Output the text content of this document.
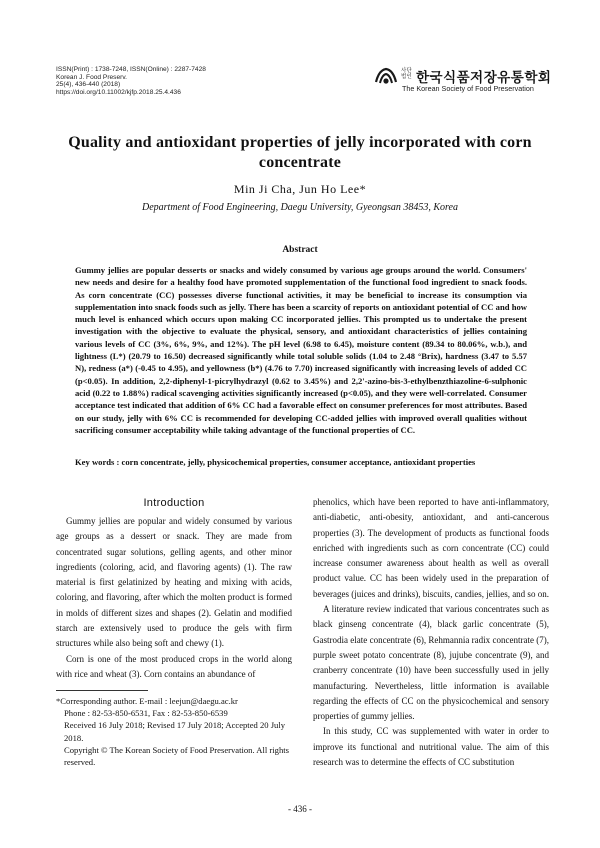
ISSN(Print) : 1738-7248, ISSN(Online) : 2287-7428
Korean J. Food Preserv.
25(4), 436-440 (2018)
https://doi.org/10.11002/kjfp.2018.25.4.436
사단법인 한국식품저장유통학회
The Korean Society of Food Preservation
Quality and antioxidant properties of jelly incorporated with corn concentrate
Min Ji Cha, Jun Ho Lee*
Department of Food Engineering, Daegu University, Gyeongsan 38453, Korea
Abstract
Gummy jellies are popular desserts or snacks and widely consumed by various age groups around the world. Consumers' new needs and desire for a healthy food have promoted supplementation of the functional food ingredient to snack foods. As corn concentrate (CC) possesses diverse functional activities, it may be beneficial to increase its consumption via supplementation into snack foods such as jelly. There has been a scarcity of reports on antioxidant potential of CC and how much level is enhanced which occurs upon making CC incorporated jellies. This prompted us to undertake the present investigation with the objective to evaluate the physical, sensory, and antioxidant characteristics of jellies containing various levels of CC (3%, 6%, 9%, and 12%). The pH level (6.98 to 6.45), moisture content (89.34 to 80.06%, w.b.), and lightness (L*) (20.79 to 16.50) decreased significantly while total soluble solids (1.04 to 2.48 °Brix), hardness (3.47 to 5.57 N), redness (a*) (-0.45 to 4.95), and yellowness (b*) (4.76 to 7.70) increased significantly with increasing levels of added CC (p<0.05). In addition, 2,2-diphenyl-1-picrylhydrazyl (0.62 to 3.45%) and 2,2'-azino-bis-3-ethylbenzthiazoline-6-sulphonic acid (0.22 to 1.88%) radical scavenging activities significantly increased (p<0.05), and they were well-correlated. Consumer acceptance test indicated that addition of 6% CC had a favorable effect on consumer preferences for most attributes. Based on our study, jelly with 6% CC is recommended for developing CC-added jellies with improved overall qualities without sacrificing consumer acceptability while taking advantage of the functional properties of CC.
Key words : corn concentrate, jelly, physicochemical properties, consumer acceptance, antioxidant properties
Introduction

Gummy jellies are popular and widely consumed by various age groups as a dessert or snack. They are made from concentrated sugar solutions, gelling agents, and other minor ingredients (coloring, acid, and flavoring agents) (1). The raw material is first gelatinized by heating and mixing with acids, coloring, and flavoring, after which the molten product is formed in molds of different sizes and shapes (2). Gelatin and modified starch are extensively used to produce the gels with firm structures while also being soft and chewy (1).

Corn is one of the most produced crops in the world along with rice and wheat (3). Corn contains an abundance of

phenolics, which have been reported to have anti-inflammatory, anti-diabetic, anti-obesity, antioxidant, and anti-cancerous properties (3). The development of products as functional foods enriched with ingredients such as corn concentrate (CC) could increase consumer awareness about health as well as overall product value. CC has been widely used in the preparation of beverages (juices and drinks), biscuits, candies, jellies, and so on.

A literature review indicated that various concentrates such as black ginseng concentrate (4), black garlic concentrate (5), Gastrodia elate concentrate (6), Rehmannia radix concentrate (7), purple sweet potato concentrate (8), jujube concentrate (9), and cranberry concentrate (10) have been successfully used in jelly manufacturing. Nevertheless, little information is available regarding the effects of CC on the physicochemical and sensory properties of gummy jellies.

In this study, CC was supplemented with water in order to improve its functional and nutritional value. The aim of this research was to determine the effects of CC substitution

*Corresponding author. E-mail : leejun@daegu.ac.kr
Phone : 82-53-850-6531, Fax : 82-53-850-6539
Received 16 July 2018; Revised 17 July 2018; Accepted 20 July 2018.
Copyright © The Korean Society of Food Preservation. All rights reserved.
- 436 -
